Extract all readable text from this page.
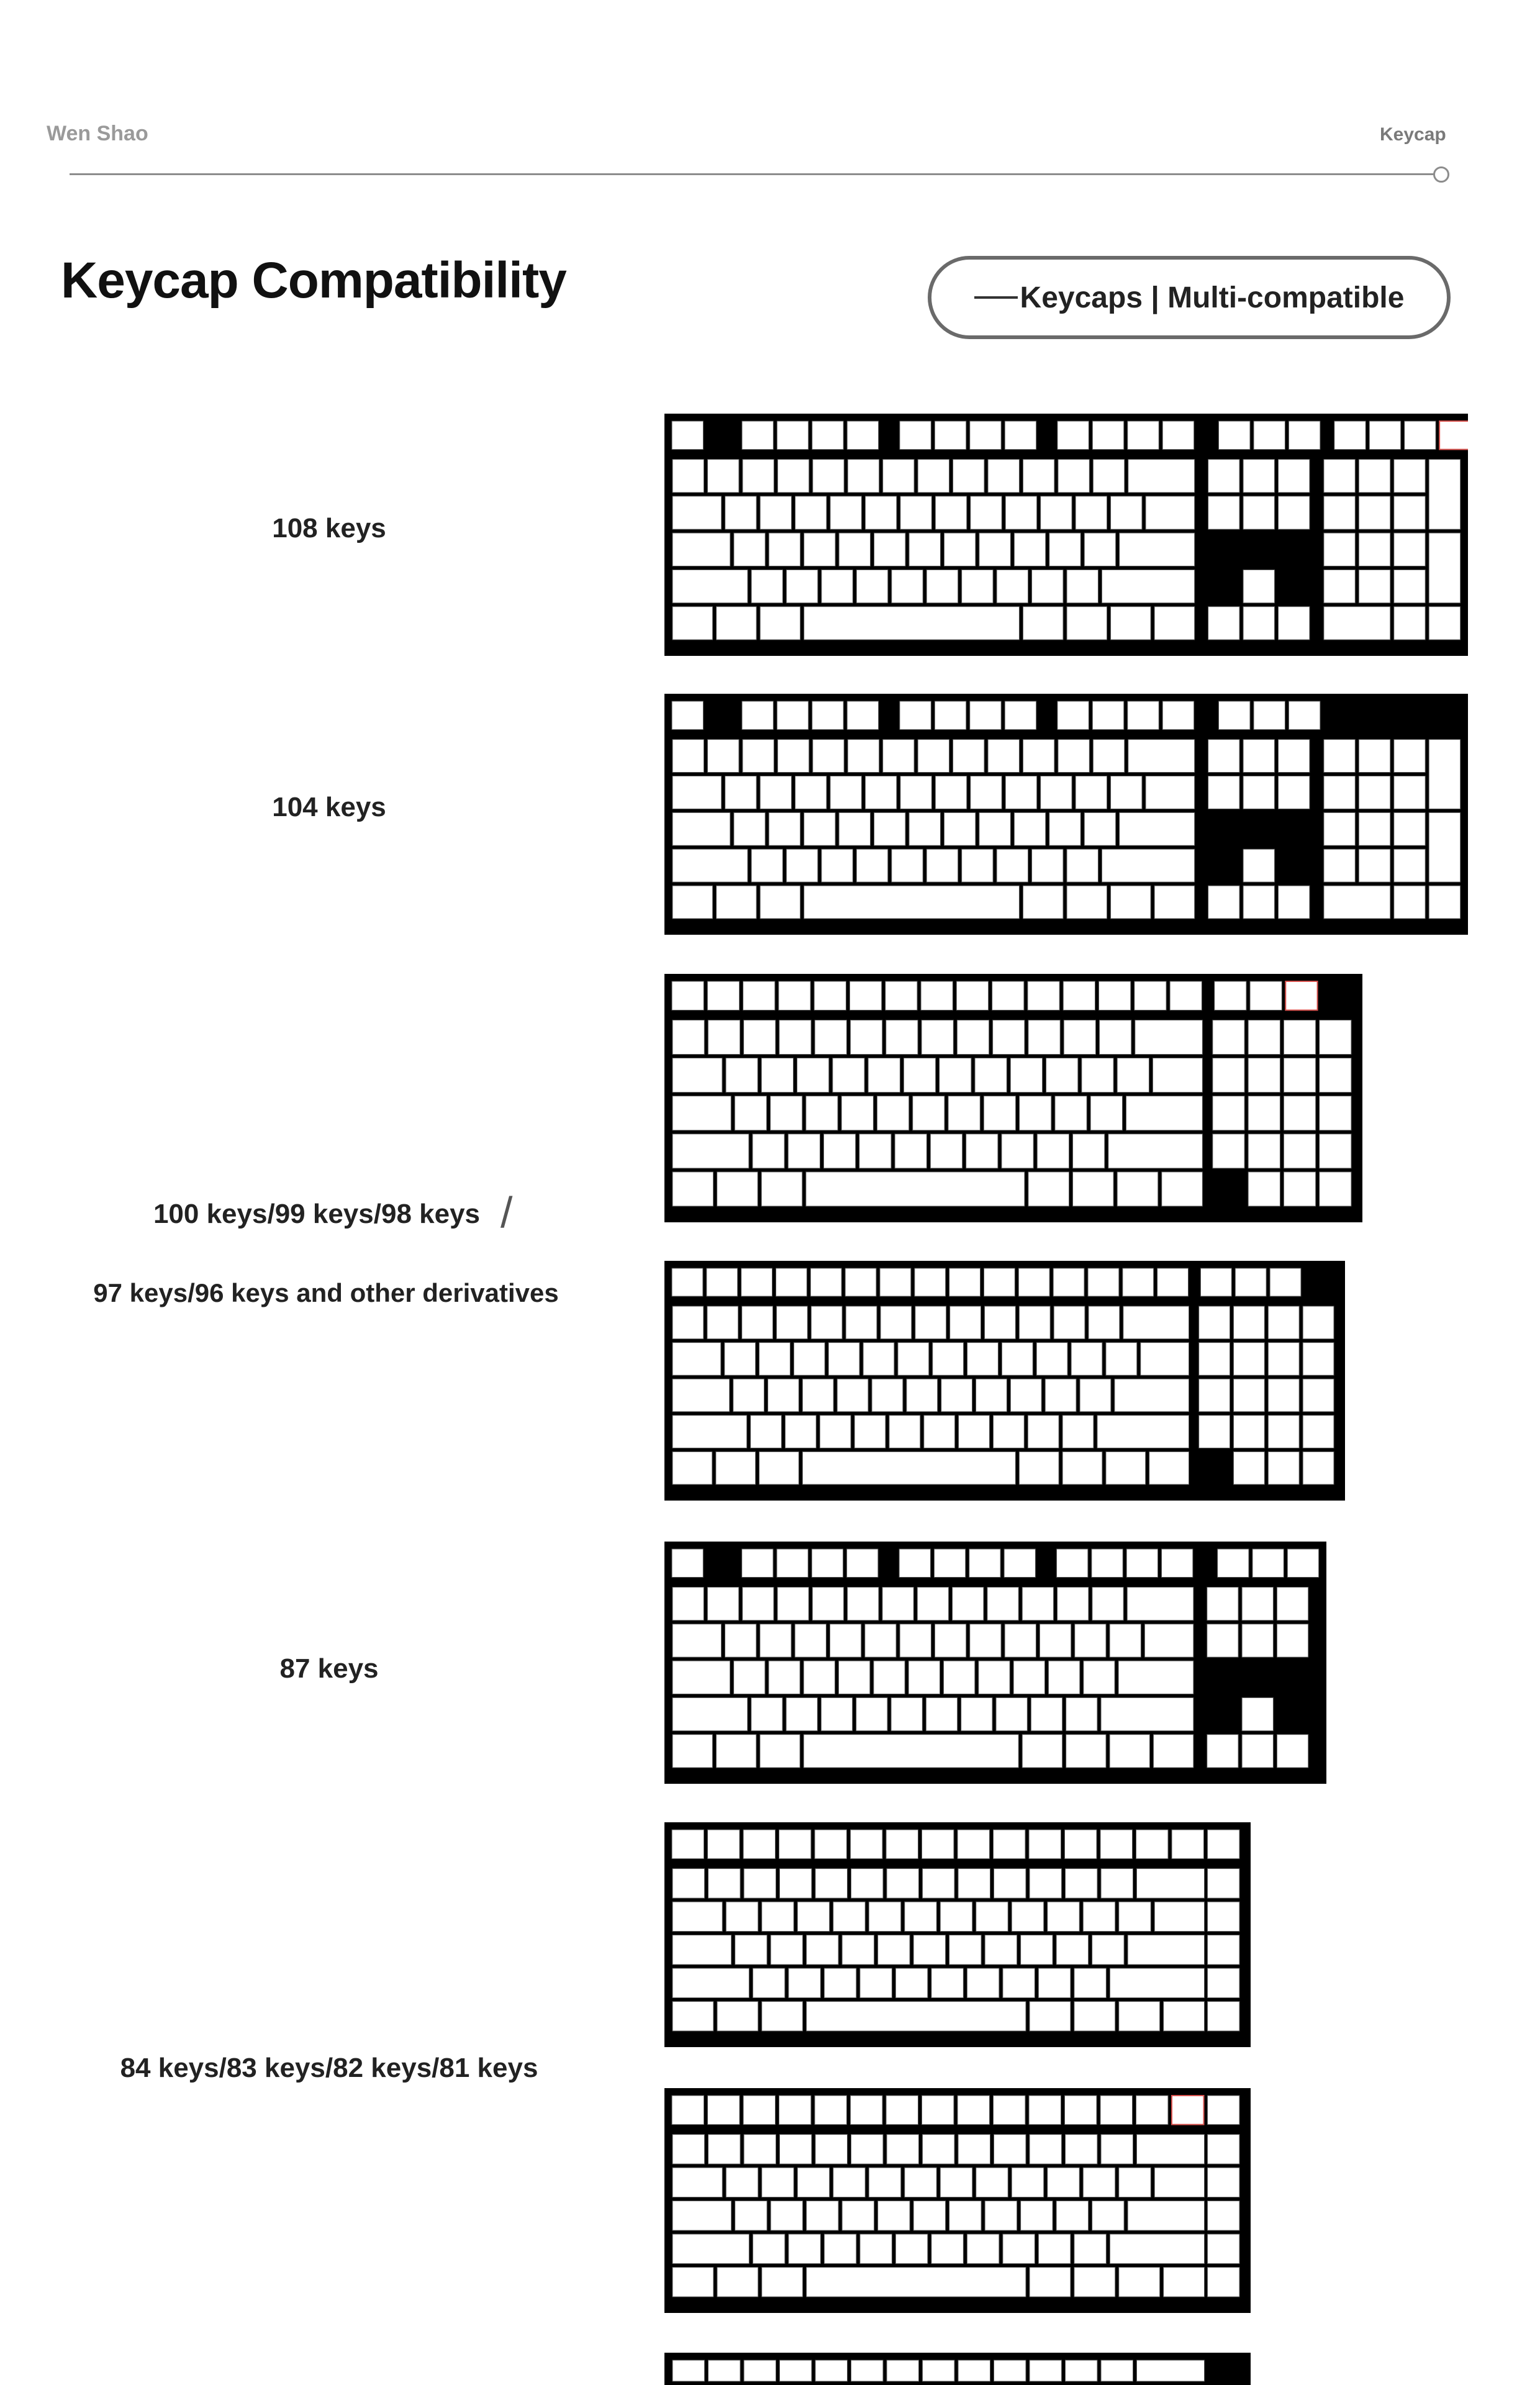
Wen Shao	Keycap
Keycap Compatibility	Keycaps | Multi-compatible
108 keys
104 keys
100 keys/99 keys/98 keys /
97 keys/96 keys and other derivatives
87 keys
84 keys/83 keys/82 keys/81 keys
